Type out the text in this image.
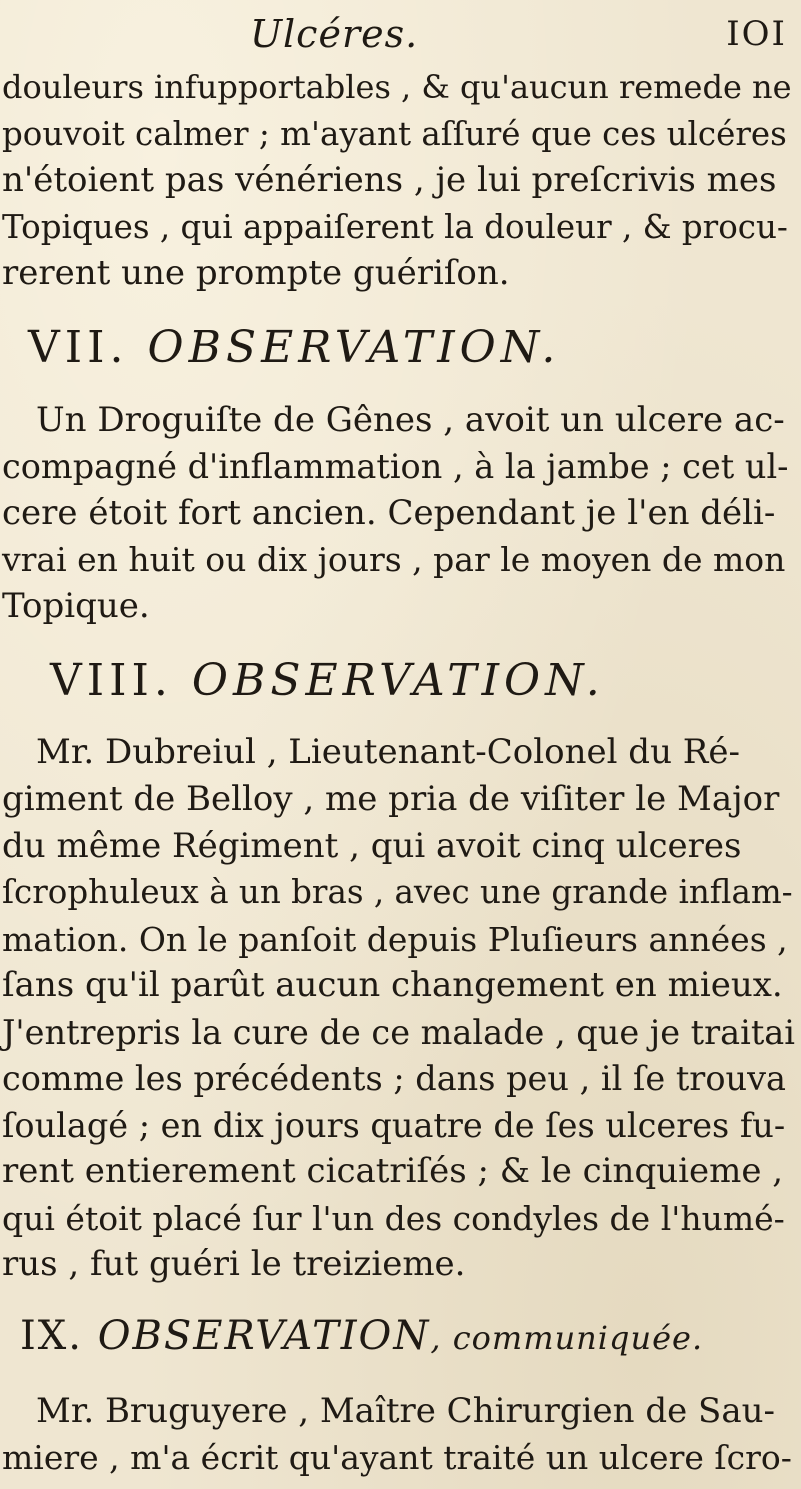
Ulcéres.	IOI
douleurs infupportables , & qu'aucun remede ne
pouvoit calmer ; m'ayant aſſuré que ces ulcéres
n'étoient pas vénériens , je lui preſcrivis mes
Topiques , qui appaiſerent la douleur , & procu-
rerent une prompte guériſon.
VII. OBSERVATION.
Un Droguiſte de Gênes , avoit un ulcere ac-
compagné d'inflammation , à la jambe ; cet ul-
cere étoit fort ancien. Cependant je l'en déli-
vrai en huit ou dix jours , par le moyen de mon
Topique.
VIII. OBSERVATION.
Mr. Dubreiul , Lieutenant-Colonel du Ré-
giment de Belloy , me pria de viſiter le Major
du même Régiment , qui avoit cinq ulceres
ſcrophuleux à un bras , avec une grande inflam-
mation. On le panſoit depuis Pluſieurs années ,
ſans qu'il parût aucun changement en mieux.
J'entrepris la cure de ce malade , que je traitai
comme les précédents ; dans peu , il ſe trouva
ſoulagé ; en dix jours quatre de ſes ulceres fu-
rent entierement cicatriſés ; & le cinquieme ,
qui étoit placé ſur l'un des condyles de l'humé-
rus , fut guéri le treizieme.
IX. OBSERVATION, communiquée.
Mr. Bruguyere , Maître Chirurgien de Sau-
miere , m'a écrit qu'ayant traité un ulcere ſcro-
